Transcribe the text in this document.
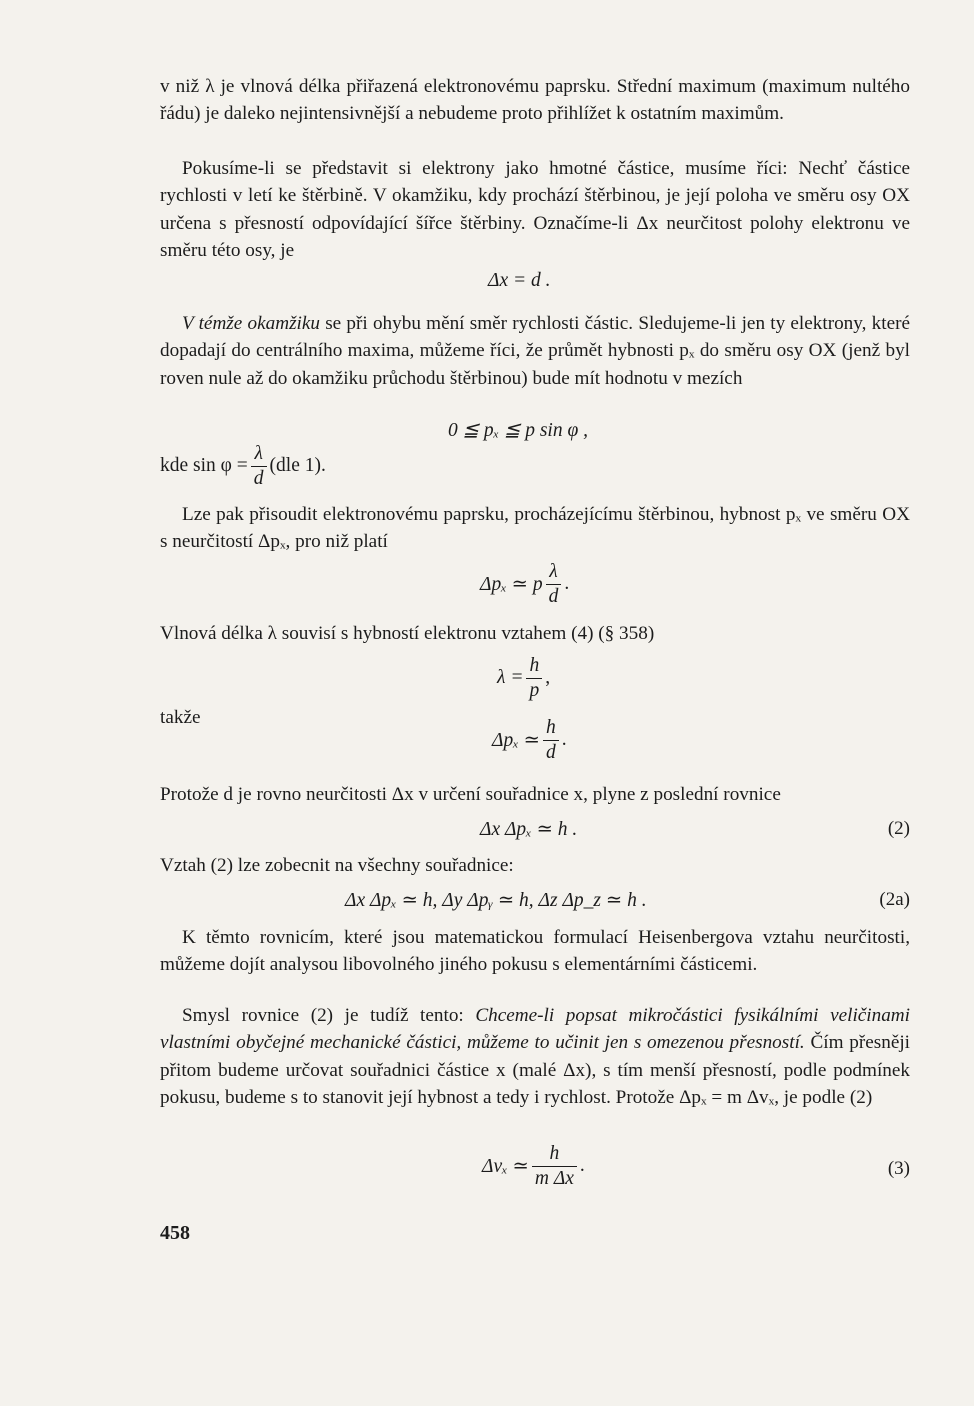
v niž λ je vlnová délka přiřazená elektronovému paprsku. Střední maximum (maximum nultého řádu) je daleko nejintensivnější a nebudeme proto přihlížet k ostatním maximům.

Pokusíme-li se představit si elektrony jako hmotné částice, musíme říci: Nechť částice rychlosti v letí ke štěrbině. V okamžiku, kdy prochází štěrbinou, je její poloha ve směru osy OX určena s přesností odpovídající šířce štěrbiny. Označíme-li Δx neurčitost polohy elektronu ve směru této osy, je

Δx = d .

V témže okamžiku se při ohybu mění směr rychlosti částic. Sledujeme-li jen ty elektrony, které dopadají do centrálního maxima, můžeme říci, že průmět hybnosti pₓ do směru osy OX (jenž byl roven nule až do okamžiku průchodu štěrbinou) bude mít hodnotu v mezích

0 ≦ pₓ ≦ p sin φ ,
kde $\sin \varphi = \frac{\lambda}{d} (dle$ 1).

Lze pak přisoudit elektronovému paprsku, procházejícímu štěrbinou, hybnost pₓ ve směru OX s neurčitostí Δpₓ, pro niž platí

Δpₓ ≃ p $\frac{\lambda}{d}$ .

Vlnová délka λ souvisí s hybností elektronu vztahem (4) (§ 358)

$\lambda = \frac{h}{p}$ ,

takže

Δpₓ ≃ $\frac{h}{d}$ .

Protože d je rovno neurčitosti Δx v určení souřadnice x, plyne z poslední rovnice

Δx Δpₓ ≃ h .	(2)

Vztah (2) lze zobecnit na všechny souřadnice:

Δx Δpₓ ≃ h, Δy Δpᵧ ≃ h, Δz Δp_z ≃ h .	(2a)

K těmto rovnicím, které jsou matematickou formulací Heisenbergova vztahu neurčitosti, můžeme dojít analysou libovolného jiného pokusu s elementárními částicemi.

Smysl rovnice (2) je tudíž tento: Chceme-li popsat mikročástici fysikálními veličinami vlastními obyčejné mechanické částici, můžeme to učinit jen s omezenou přesností. Čím přesněji přitom budeme určovat souřadnici částice x (malé Δx), s tím menší přesností, podle podmínek pokusu, budeme s to stanovit její hybnost a tedy i rychlost. Protože Δpₓ = m Δvₓ, je podle (2)

Δvₓ ≃ $\frac{h}{\text{m Δx}}$ .	(3)
458
